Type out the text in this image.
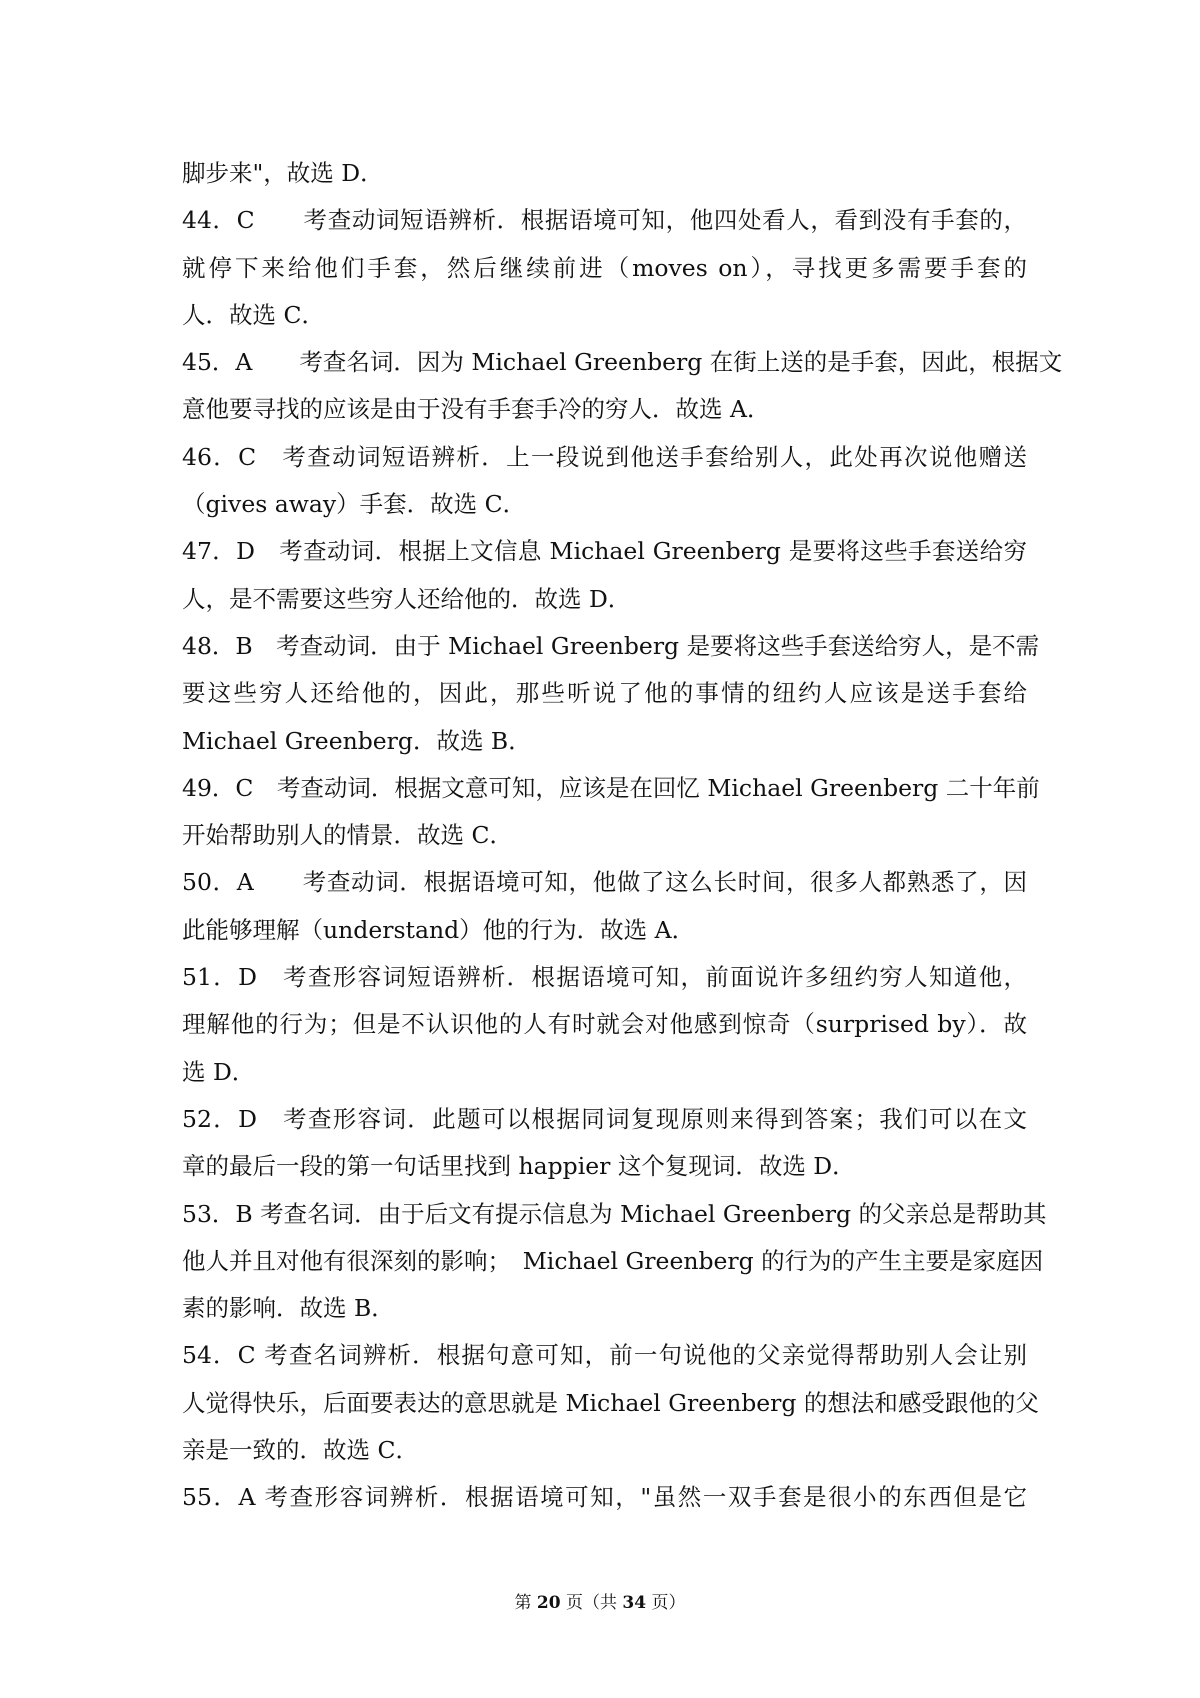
脚步来"，故选 D．
44．C　　考查动词短语辨析．根据语境可知，他四处看人，看到没有手套的，
就停下来给他们手套，然后继续前进（moves on），寻找更多需要手套的
人．故选 C．
45．A　　考查名词．因为 Michael Greenberg 在街上送的是手套，因此，根据文
意他要寻找的应该是由于没有手套手冷的穷人．故选 A．
46．C　考查动词短语辨析．上一段说到他送手套给别人，此处再次说他赠送
（gives away）手套．故选 C．
47．D　考查动词．根据上文信息 Michael Greenberg 是要将这些手套送给穷
人，是不需要这些穷人还给他的．故选 D．
48．B　考查动词．由于 Michael Greenberg 是要将这些手套送给穷人，是不需
要这些穷人还给他的，因此，那些听说了他的事情的纽约人应该是送手套给
Michael Greenberg．故选 B．
49．C　考查动词．根据文意可知，应该是在回忆 Michael Greenberg 二十年前
开始帮助别人的情景．故选 C．
50．A　　考查动词．根据语境可知，他做了这么长时间，很多人都熟悉了，因
此能够理解（understand）他的行为．故选 A．
51．D　考查形容词短语辨析．根据语境可知，前面说许多纽约穷人知道他，
理解他的行为；但是不认识他的人有时就会对他感到惊奇（surprised by）．故
选 D．
52．D　考查形容词．此题可以根据同词复现原则来得到答案；我们可以在文
章的最后一段的第一句话里找到 happier 这个复现词．故选 D．
53．B 考查名词．由于后文有提示信息为 Michael Greenberg 的父亲总是帮助其
他人并且对他有很深刻的影响；　Michael Greenberg 的行为的产生主要是家庭因
素的影响．故选 B．
54．C 考查名词辨析．根据句意可知，前一句说他的父亲觉得帮助别人会让别
人觉得快乐，后面要表达的意思就是 Michael Greenberg 的想法和感受跟他的父
亲是一致的．故选 C．
55．A 考查形容词辨析．根据语境可知，"虽然一双手套是很小的东西但是它
第 20 页（共 34 页）
